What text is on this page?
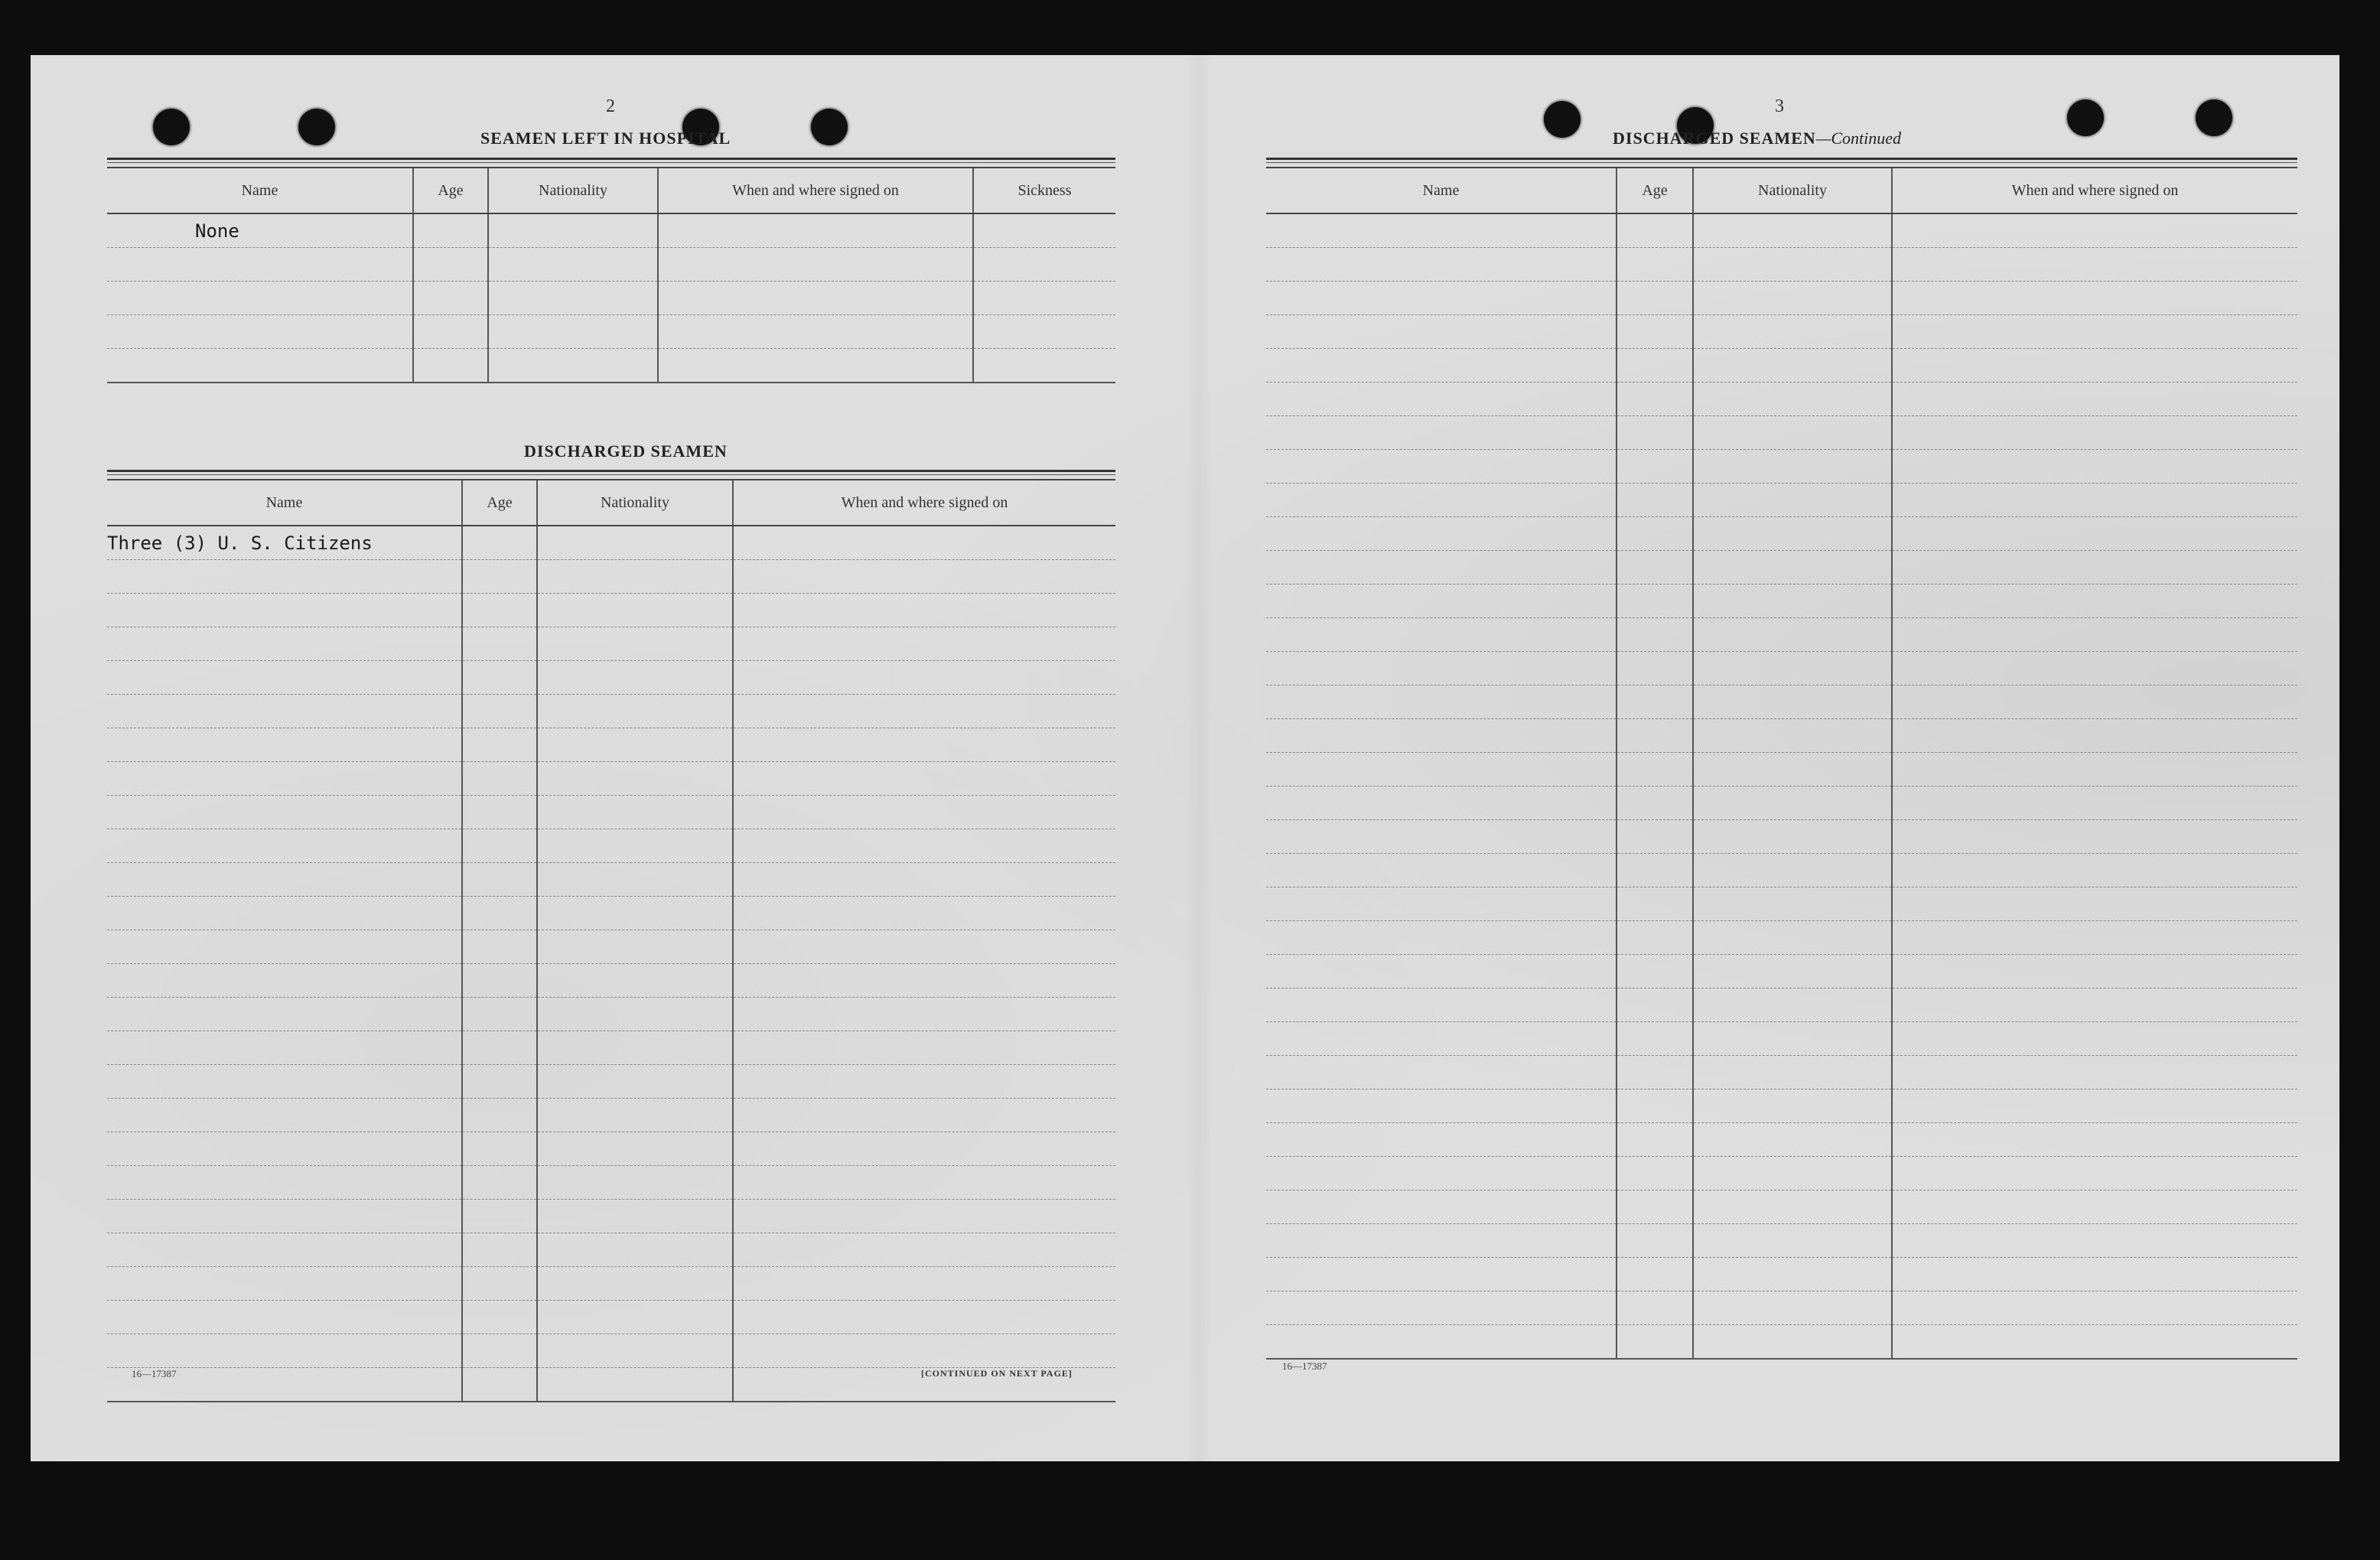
2
SEAMEN LEFT IN HOSPITAL
Name	Age	Nationality	When and where signed on	Sickness
None				

DISCHARGED SEAMEN
Name	Age	Nationality	When and where signed on
Three (3) U. S. Citizens			

16—17387	[CONTINUED ON NEXT PAGE]
3
DISCHARGED SEAMEN—Continued
Name	Age	Nationality	When and where signed on

16—17387
